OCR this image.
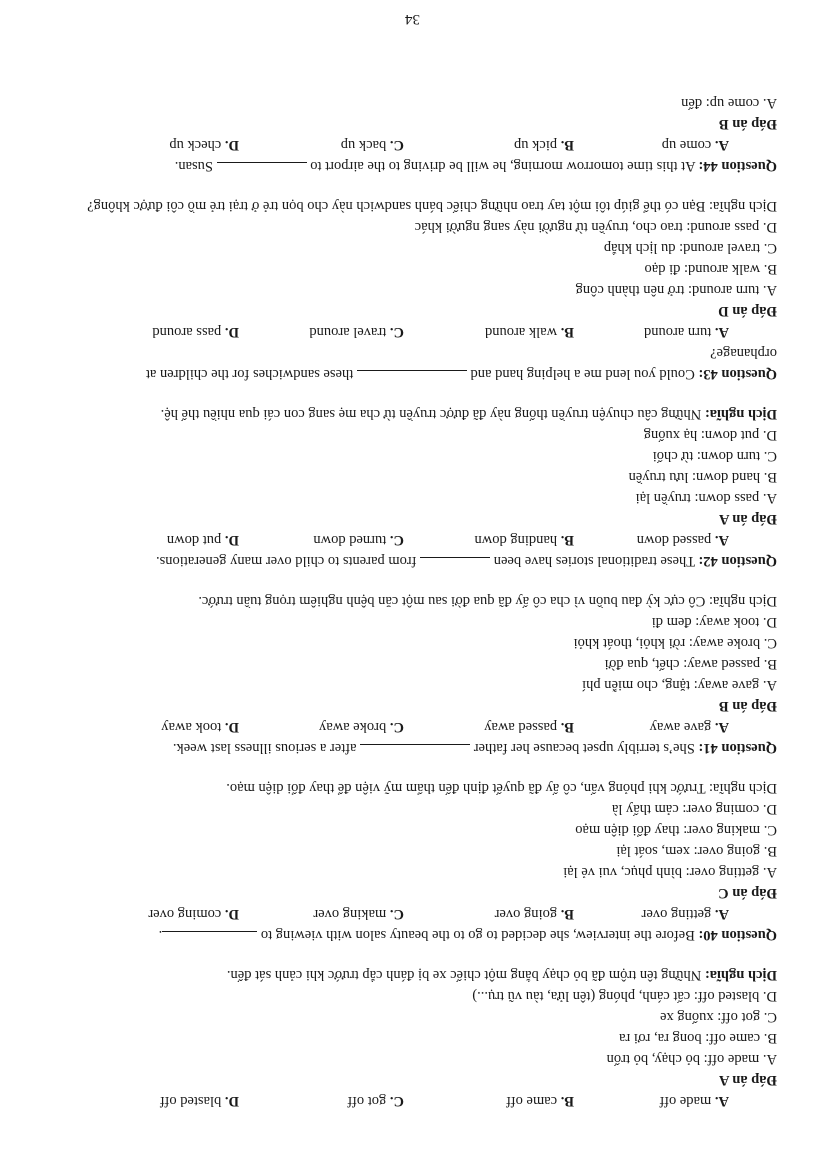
A. made off
B. came off
C. got off
D. blasted off
Đáp án A
A. made off: bỏ chạy, bỏ trốn
B. came off: bong ra, rơi ra
C. got off: xuống xe
D. blasted off: cất cánh, phóng (tên lửa, tàu vũ trụ...)
Dịch nghĩa: Những tên trộm đã bỏ chạy bằng một chiếc xe bị đánh cắp trước khi cảnh sát đến.
Question 40: Before the interview, she decided to go to the beauty salon with viewing to .
A. getting over
B. going over
C. making over
D. coming over
Đáp án C
A. getting over: bình phục, vui vẻ lại
B. going over: xem, soát lại
C. making over: thay đổi diện mạo
D. coming over: cảm thấy là
Dịch nghĩa: Trước khi phỏng vấn, cô ấy đã quyết định đến thẩm mỹ viện để thay đổi diện mạo.
Question 41: She’s terribly upset because her father  after a serious illness last week.
A. gave away
B. passed away
C. broke away
D. took away
Đáp án B
A. gave away: tặng, cho miễn phí
B. passed away: chết, qua đời
C. broke away: rời khỏi, thoát khỏi
D. took away: đem đi
Dịch nghĩa: Cô cực kỳ đau buồn vì cha cô ấy đã qua đời sau một căn bệnh nghiêm trọng tuần trước.
Question 42: These traditional stories have been  from parents to child over many generations.
A. passed down
B. handing down
C. turned down
D. put down
Đáp án A
A. pass down: truyền lại
B. hand down: lưu truyền
C. turn down: từ chối
D. put down: hạ xuống
Dịch nghĩa: Những câu chuyện truyền thống này đã được truyền từ cha mẹ sang con cái qua nhiều thế hệ.
Question 43: Could you lend me a helping hand and  these sandwiches for the children at
orphanage?
A. turn around
B. walk around
C. travel around
D. pass around
Đáp án D
A. turn around: trở nên thành công
B. walk around: đi dạo
C. travel around: du lịch khắp
D. pass around: trao cho, truyền từ người này sang người khác
Dịch nghĩa: Bạn có thể giúp tôi một tay trao những chiếc bánh sandwich này cho bọn trẻ ở trại trẻ mồ côi được không?
Question 44: At this time tomorrow morning, he will be driving to the airport to  Susan.
A. come up
B. pick up
C. back up
D. check up
Đáp án B
A. come up: đến
34
